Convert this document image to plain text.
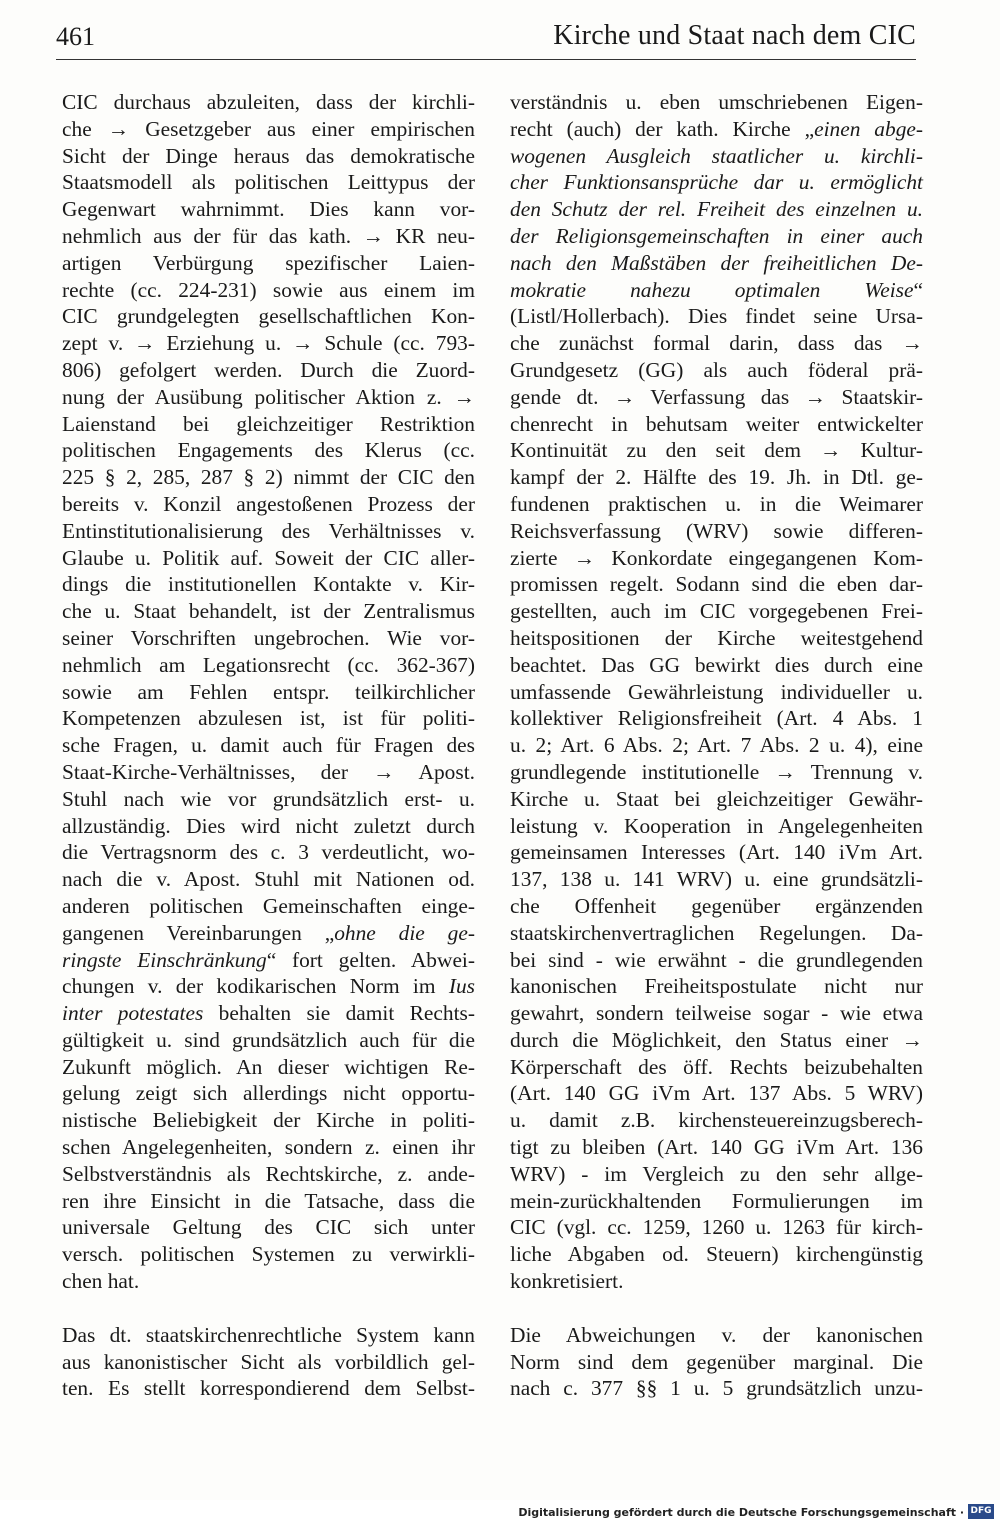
461	Kirche und Staat nach dem CIC

CIC durchaus abzuleiten, dass der kirchli-
che → Gesetzgeber aus einer empirischen
Sicht der Dinge heraus das demokratische
Staatsmodell als politischen Leittypus der
Gegenwart wahrnimmt. Dies kann vor-
nehmlich aus der für das kath. → KR neu-
artigen Verbürgung spezifischer Laien-
rechte (cc. 224-231) sowie aus einem im
CIC grundgelegten gesellschaftlichen Kon-
zept v. → Erziehung u. → Schule (cc. 793-
806) gefolgert werden. Durch die Zuord-
nung der Ausübung politischer Aktion z. →
Laienstand bei gleichzeitiger Restriktion
politischen Engagements des Klerus (cc.
225 § 2, 285, 287 § 2) nimmt der CIC den
bereits v. Konzil angestoßenen Prozess der
Entinstitutionalisierung des Verhältnisses v.
Glaube u. Politik auf. Soweit der CIC aller-
dings die institutionellen Kontakte v. Kir-
che u. Staat behandelt, ist der Zentralismus
seiner Vorschriften ungebrochen. Wie vor-
nehmlich am Legationsrecht (cc. 362-367)
sowie am Fehlen entspr. teilkirchlicher
Kompetenzen abzulesen ist, ist für politi-
sche Fragen, u. damit auch für Fragen des
Staat-Kirche-Verhältnisses, der → Apost.
Stuhl nach wie vor grundsätzlich erst- u.
allzuständig. Dies wird nicht zuletzt durch
die Vertragsnorm des c. 3 verdeutlicht, wo-
nach die v. Apost. Stuhl mit Nationen od.
anderen politischen Gemeinschaften einge-
gangenen Vereinbarungen „ohne die ge-
ringste Einschränkung“ fort gelten. Abwei-
chungen v. der kodikarischen Norm im Ius
inter potestates behalten sie damit Rechts-
gültigkeit u. sind grundsätzlich auch für die
Zukunft möglich. An dieser wichtigen Re-
gelung zeigt sich allerdings nicht opportu-
nistische Beliebigkeit der Kirche in politi-
schen Angelegenheiten, sondern z. einen ihr
Selbstverständnis als Rechtskirche, z. ande-
ren ihre Einsicht in die Tatsache, dass die
universale Geltung des CIC sich unter
versch. politischen Systemen zu verwirkli-
chen hat.

Das dt. staatskirchenrechtliche System kann
aus kanonistischer Sicht als vorbildlich gel-
ten. Es stellt korrespondierend dem Selbst-

verständnis u. eben umschriebenen Eigen-
recht (auch) der kath. Kirche „einen abge-
wogenen Ausgleich staatlicher u. kirchli-
cher Funktionsansprüche dar u. ermöglicht
den Schutz der rel. Freiheit des einzelnen u.
der Religionsgemeinschaften in einer auch
nach den Maßstäben der freiheitlichen De-
mokratie nahezu optimalen Weise“
(Listl/Hollerbach). Dies findet seine Ursa-
che zunächst formal darin, dass das →
Grundgesetz (GG) als auch föderal prä-
gende dt. → Verfassung das → Staatskir-
chenrecht in behutsam weiter entwickelter
Kontinuität zu den seit dem → Kultur-
kampf der 2. Hälfte des 19. Jh. in Dtl. ge-
fundenen praktischen u. in die Weimarer
Reichsverfassung (WRV) sowie differen-
zierte → Konkordate eingegangenen Kom-
promissen regelt. Sodann sind die eben dar-
gestellten, auch im CIC vorgegebenen Frei-
heitspositionen der Kirche weitestgehend
beachtet. Das GG bewirkt dies durch eine
umfassende Gewährleistung individueller u.
kollektiver Religionsfreiheit (Art. 4 Abs. 1
u. 2; Art. 6 Abs. 2; Art. 7 Abs. 2 u. 4), eine
grundlegende institutionelle → Trennung v.
Kirche u. Staat bei gleichzeitiger Gewähr-
leistung v. Kooperation in Angelegenheiten
gemeinsamen Interesses (Art. 140 iVm Art.
137, 138 u. 141 WRV) u. eine grundsätzli-
che Offenheit gegenüber ergänzenden
staatskirchenvertraglichen Regelungen. Da-
bei sind - wie erwähnt - die grundlegenden
kanonischen Freiheitspostulate nicht nur
gewahrt, sondern teilweise sogar - wie etwa
durch die Möglichkeit, den Status einer →
Körperschaft des öff. Rechts beizubehalten
(Art. 140 GG iVm Art. 137 Abs. 5 WRV)
u. damit z.B. kirchensteuereinzugsberech-
tigt zu bleiben (Art. 140 GG iVm Art. 136
WRV) - im Vergleich zu den sehr allge-
mein-zurückhaltenden Formulierungen im
CIC (vgl. cc. 1259, 1260 u. 1263 für kirch-
liche Abgaben od. Steuern) kirchengünstig
konkretisiert.

Die Abweichungen v. der kanonischen
Norm sind dem gegenüber marginal. Die
nach c. 377 §§ 1 u. 5 grundsätzlich unzu-

Digitalisierung gefördert durch die Deutsche Forschungsgemeinschaft · DFG
